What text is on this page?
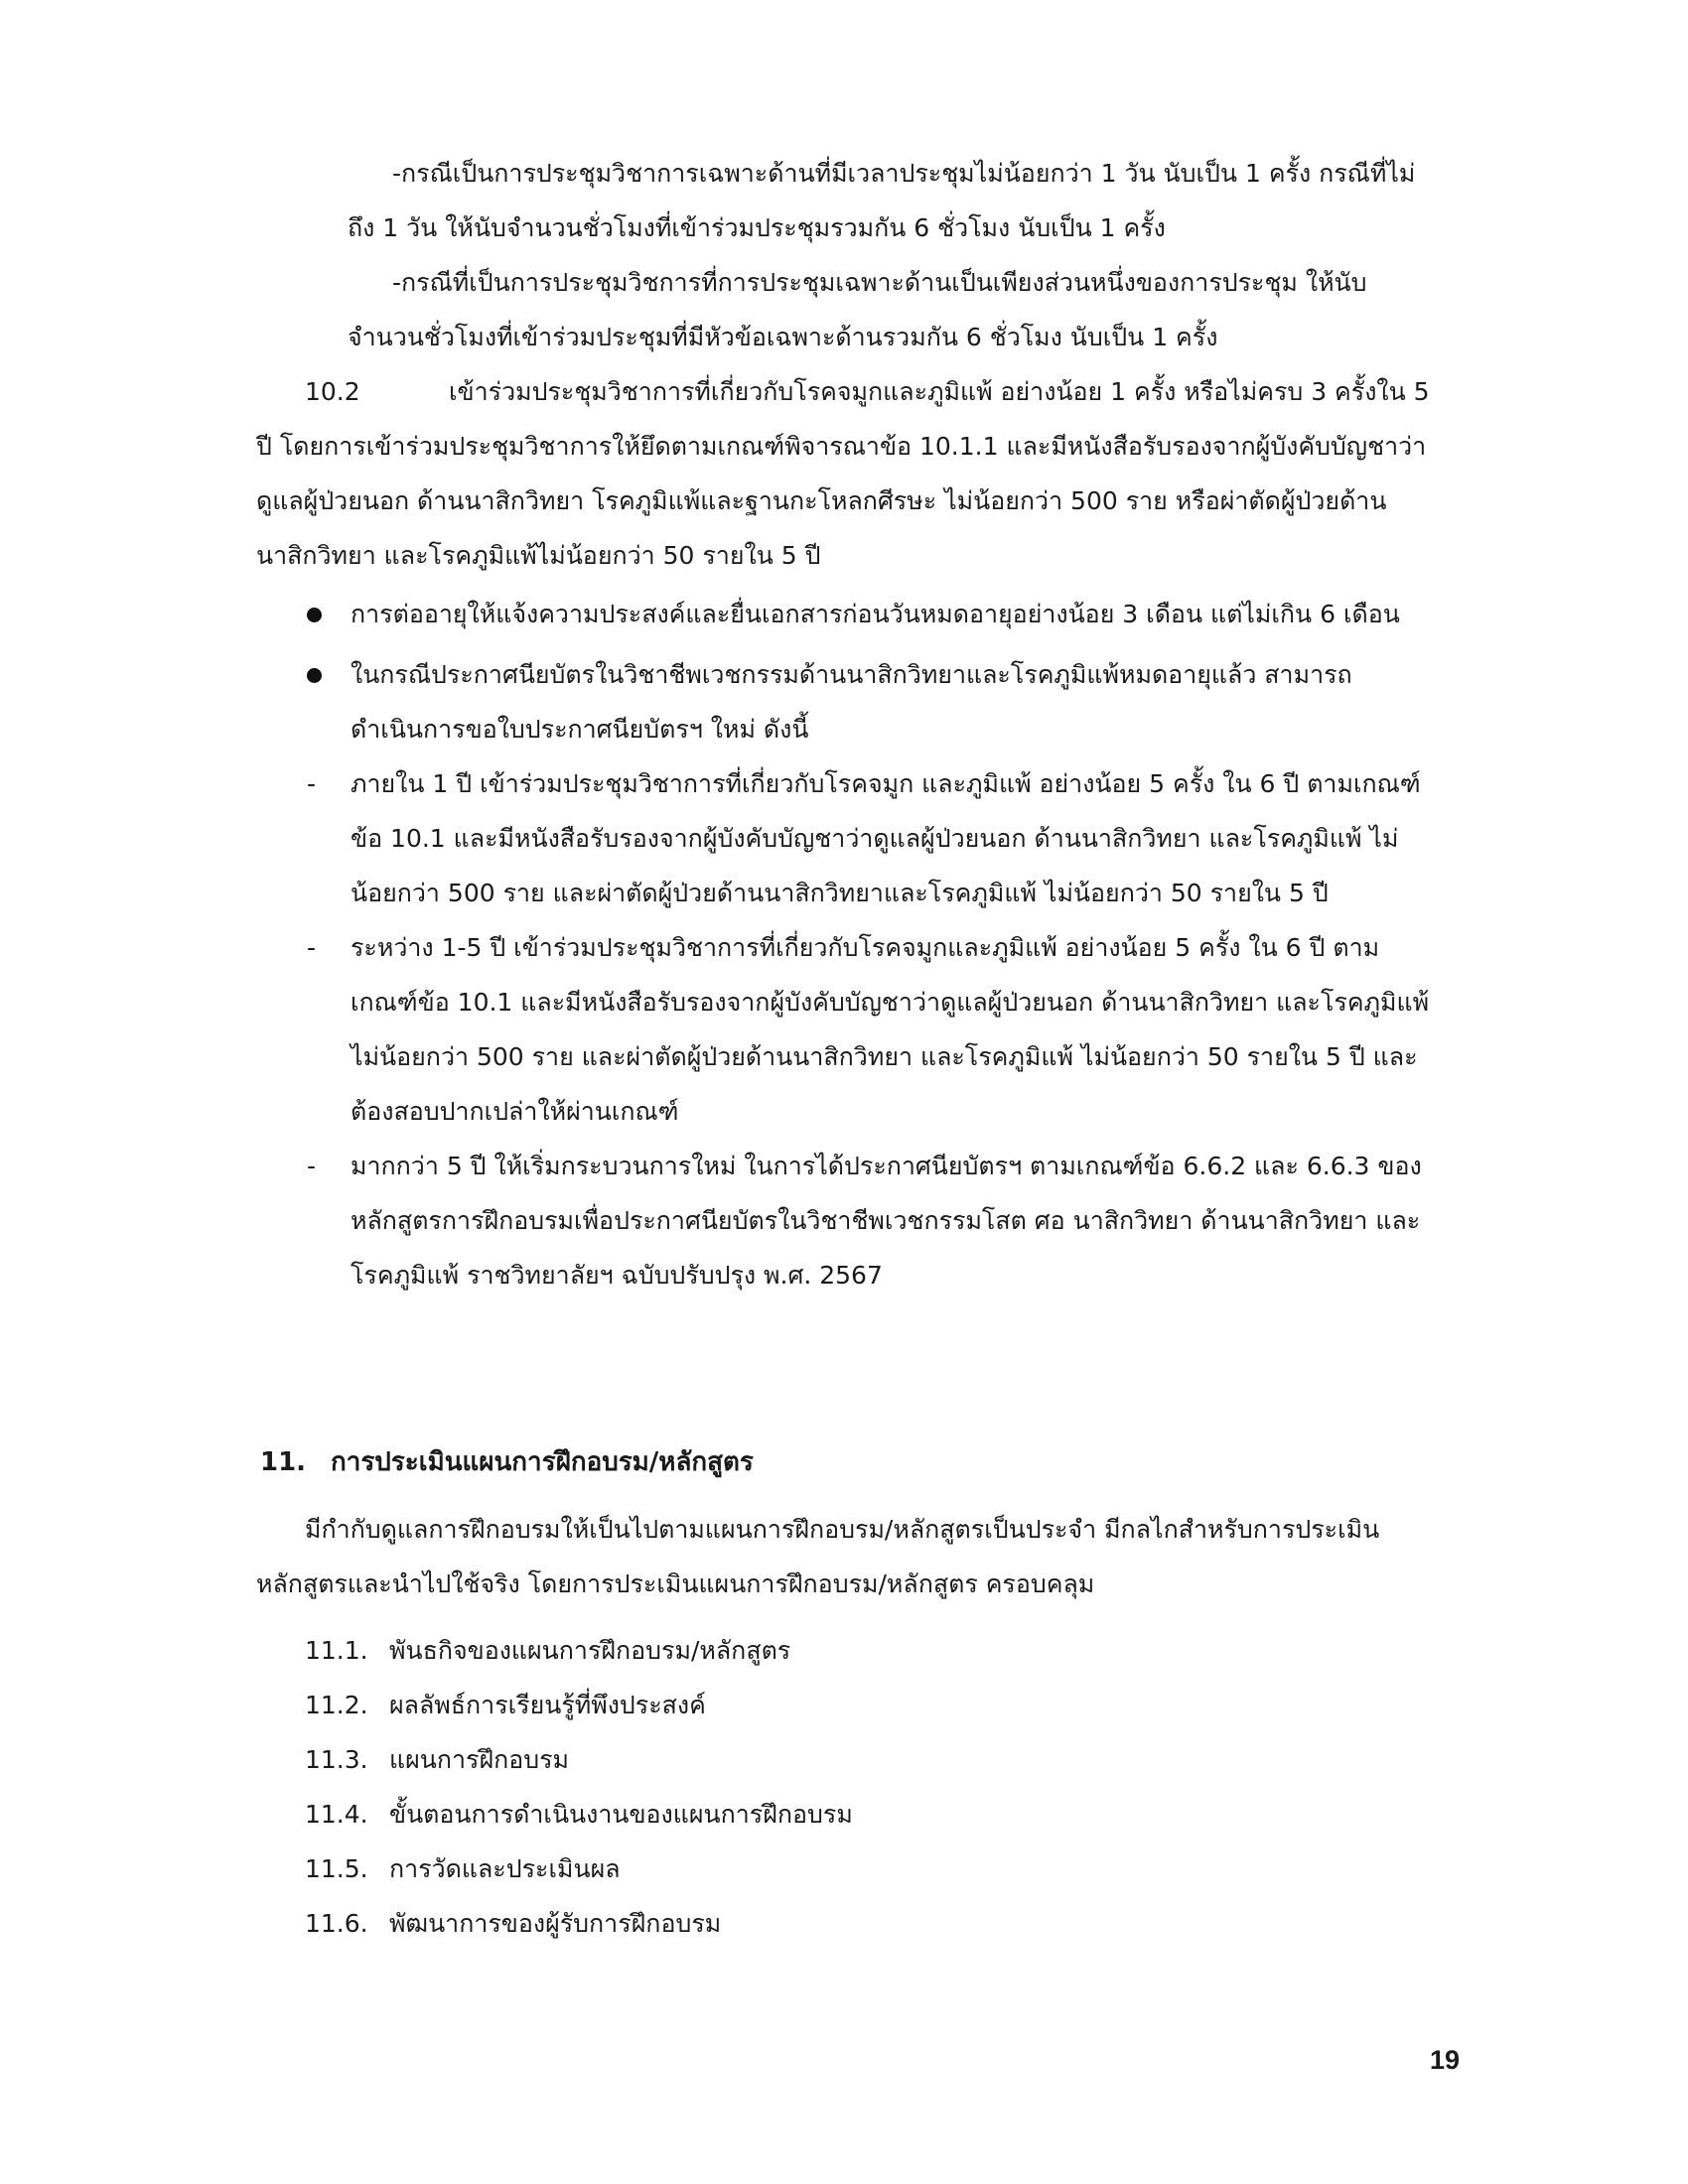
-กรณีเป็นการประชุมวิชาการเฉพาะด้านที่มีเวลาประชุมไม่น้อยกว่า 1 วัน นับเป็น 1 ครั้ง กรณีที่ไม่
ถึง 1 วัน ให้นับจำนวนชั่วโมงที่เข้าร่วมประชุมรวมกัน 6 ชั่วโมง นับเป็น 1 ครั้ง
-กรณีที่เป็นการประชุมวิชการที่การประชุมเฉพาะด้านเป็นเพียงส่วนหนึ่งของการประชุม ให้นับ
จำนวนชั่วโมงที่เข้าร่วมประชุมที่มีหัวข้อเฉพาะด้านรวมกัน 6 ชั่วโมง นับเป็น 1 ครั้ง
10.2	เข้าร่วมประชุมวิชาการที่เกี่ยวกับโรคจมูกและภูมิแพ้ อย่างน้อย 1 ครั้ง หรือไม่ครบ 3 ครั้งใน 5
ปี โดยการเข้าร่วมประชุมวิชาการให้ยึดตามเกณฑ์พิจารณาข้อ 10.1.1 และมีหนังสือรับรองจากผู้บังคับบัญชาว่า
ดูแลผู้ป่วยนอก ด้านนาสิกวิทยา โรคภูมิแพ้และฐานกะโหลกศีรษะ ไม่น้อยกว่า 500 ราย หรือผ่าตัดผู้ป่วยด้าน
นาสิกวิทยา และโรคภูมิแพ้ไม่น้อยกว่า 50 รายใน 5 ปี
การต่ออายุให้แจ้งความประสงค์และยื่นเอกสารก่อนวันหมดอายุอย่างน้อย 3 เดือน แต่ไม่เกิน 6 เดือน
ในกรณีประกาศนียบัตรในวิชาชีพเวชกรรมด้านนาสิกวิทยาและโรคภูมิแพ้หมดอายุแล้ว สามารถ
ดำเนินการขอใบประกาศนียบัตรฯ ใหม่ ดังนี้
- ภายใน 1 ปี เข้าร่วมประชุมวิชาการที่เกี่ยวกับโรคจมูก และภูมิแพ้ อย่างน้อย 5 ครั้ง ใน 6 ปี ตามเกณฑ์
ข้อ 10.1 และมีหนังสือรับรองจากผู้บังคับบัญชาว่าดูแลผู้ป่วยนอก ด้านนาสิกวิทยา และโรคภูมิแพ้ ไม่
น้อยกว่า 500 ราย และผ่าตัดผู้ป่วยด้านนาสิกวิทยาและโรคภูมิแพ้ ไม่น้อยกว่า 50 รายใน 5 ปี
- ระหว่าง 1-5 ปี เข้าร่วมประชุมวิชาการที่เกี่ยวกับโรคจมูกและภูมิแพ้ อย่างน้อย 5 ครั้ง ใน 6 ปี ตาม
เกณฑ์ข้อ 10.1 และมีหนังสือรับรองจากผู้บังคับบัญชาว่าดูแลผู้ป่วยนอก ด้านนาสิกวิทยา และโรคภูมิแพ้
ไม่น้อยกว่า 500 ราย และผ่าตัดผู้ป่วยด้านนาสิกวิทยา และโรคภูมิแพ้ ไม่น้อยกว่า 50 รายใน 5 ปี และ
ต้องสอบปากเปล่าให้ผ่านเกณฑ์
- มากกว่า 5 ปี ให้เริ่มกระบวนการใหม่ ในการได้ประกาศนียบัตรฯ ตามเกณฑ์ข้อ 6.6.2 และ 6.6.3 ของ
หลักสูตรการฝึกอบรมเพื่อประกาศนียบัตรในวิชาชีพเวชกรรมโสต ศอ นาสิกวิทยา ด้านนาสิกวิทยา และ
โรคภูมิแพ้ ราชวิทยาลัยฯ ฉบับปรับปรุง พ.ศ. 2567
11. การประเมินแผนการฝึกอบรม/หลักสูตร
มีกำกับดูแลการฝึกอบรมให้เป็นไปตามแผนการฝึกอบรม/หลักสูตรเป็นประจำ มีกลไกสำหรับการประเมิน
หลักสูตรและนำไปใช้จริง โดยการประเมินแผนการฝึกอบรม/หลักสูตร ครอบคลุม
11.1. พันธกิจของแผนการฝึกอบรม/หลักสูตร
11.2. ผลลัพธ์การเรียนรู้ที่พึงประสงค์
11.3. แผนการฝึกอบรม
11.4. ขั้นตอนการดำเนินงานของแผนการฝึกอบรม
11.5. การวัดและประเมินผล
11.6. พัฒนาการของผู้รับการฝึกอบรม
19
